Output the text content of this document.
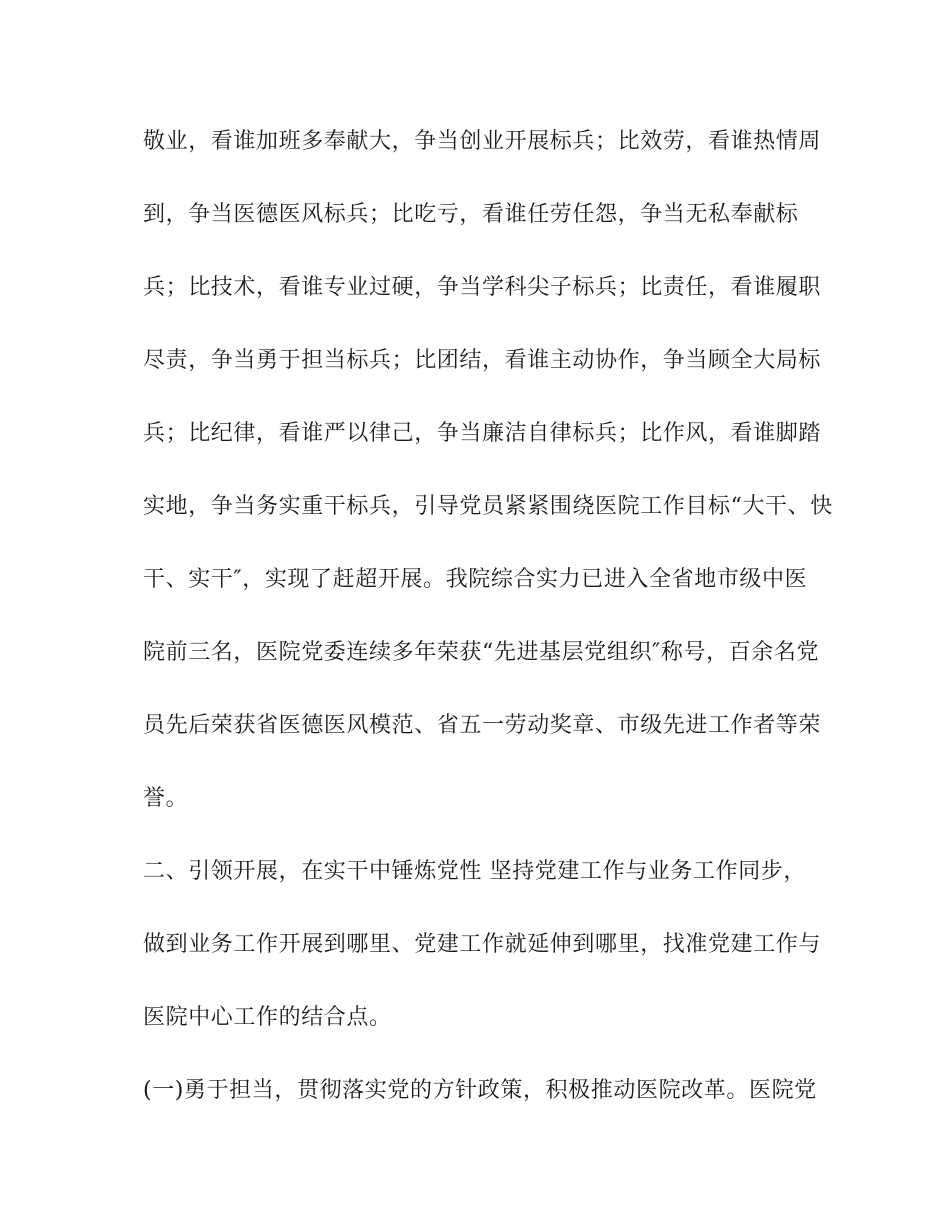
敬业，看谁加班多奉献大，争当创业开展标兵；比效劳，看谁热情周

到，争当医德医风标兵；比吃亏，看谁任劳任怨，争当无私奉献标

兵；比技术，看谁专业过硬，争当学科尖子标兵；比责任，看谁履职

尽责，争当勇于担当标兵；比团结，看谁主动协作，争当顾全大局标

兵；比纪律，看谁严以律己，争当廉洁自律标兵；比作风，看谁脚踏

实地，争当务实重干标兵，引导党员紧紧围绕医院工作目标“大干、快

干、实干″，实现了赶超开展。我院综合实力已进入全省地市级中医

院前三名，医院党委连续多年荣获“先进基层党组织″称号，百余名党

员先后荣获省医德医风模范、省五一劳动奖章、市级先进工作者等荣

誉。

二、引领开展，在实干中锤炼党性 坚持党建工作与业务工作同步，

做到业务工作开展到哪里、党建工作就延伸到哪里，找准党建工作与

医院中心工作的结合点。

(一)勇于担当，贯彻落实党的方针政策，积极推动医院改革。医院党
